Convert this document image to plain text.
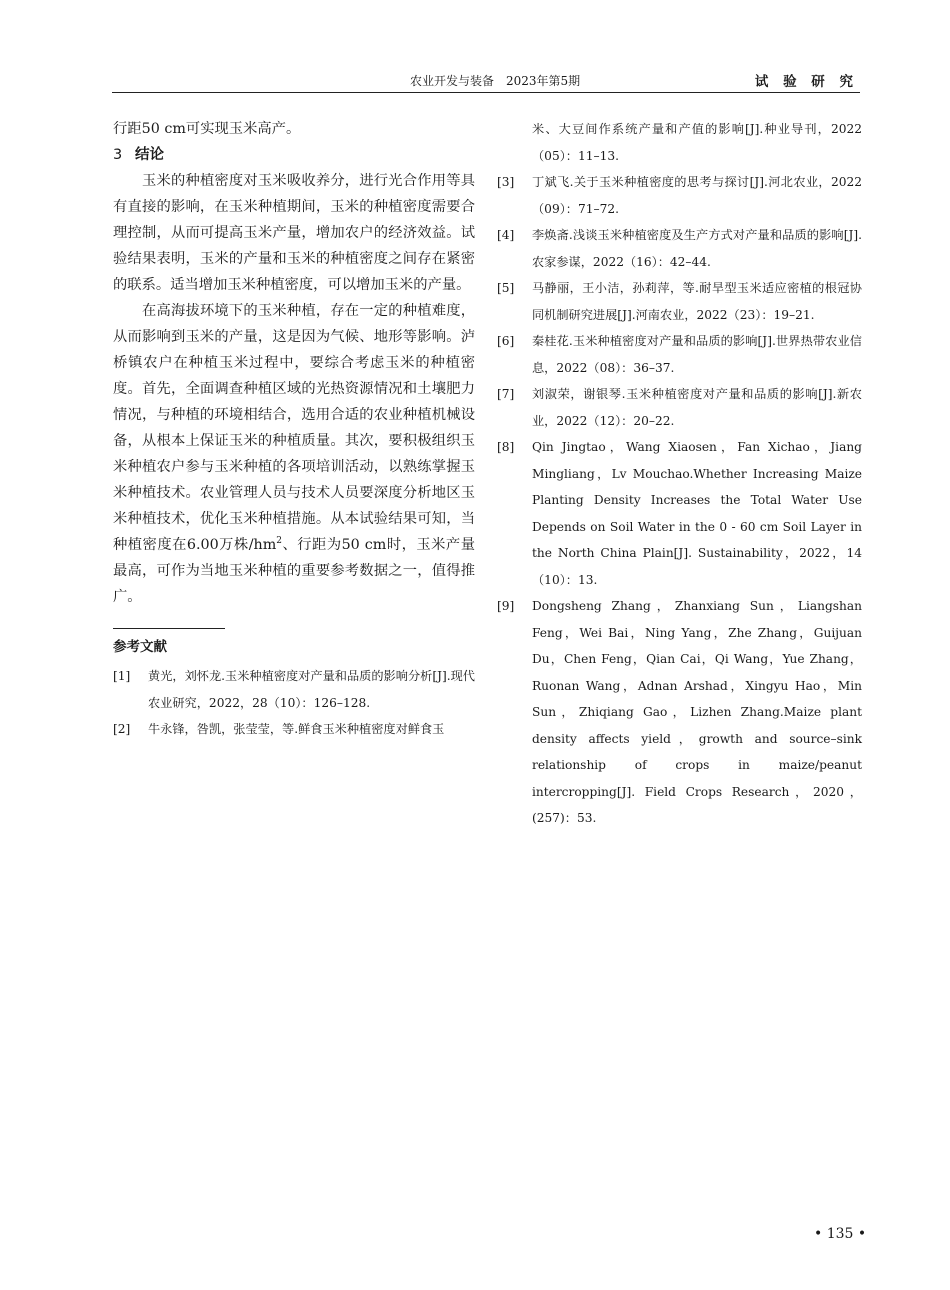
农业开发与装备　2023年第5期	试 验 研 究

行距50 cm可实现玉米高产。

3 结论

玉米的种植密度对玉米吸收养分，进行光合作用等具有直接的影响，在玉米种植期间，玉米的种植密度需要合理控制，从而可提高玉米产量，增加农户的经济效益。试验结果表明，玉米的产量和玉米的种植密度之间存在紧密的联系。适当增加玉米种植密度，可以增加玉米的产量。

在高海拔环境下的玉米种植，存在一定的种植难度，从而影响到玉米的产量，这是因为气候、地形等影响。泸桥镇农户在种植玉米过程中，要综合考虑玉米的种植密度。首先，全面调查种植区域的光热资源情况和土壤肥力情况，与种植的环境相结合，选用合适的农业种植机械设备，从根本上保证玉米的种植质量。其次，要积极组织玉米种植农户参与玉米种植的各项培训活动，以熟练掌握玉米种植技术。农业管理人员与技术人员要深度分析地区玉米种植技术，优化玉米种植措施。从本试验结果可知，当种植密度在6.00万株$/hm^2$、行距为50 cm时，玉米产量最高，可作为当地玉米种植的重要参考数据之一，值得推广。

参考文献
[1]	黄光，刘怀龙.玉米种植密度对产量和品质的影响分析[J].现代农业研究，2022，28（10）：126–128.
[2]	牛永锋，咎凯，张莹莹，等.鲜食玉米种植密度对鲜食玉
米、大豆间作系统产量和产值的影响[J].种业导刊，2022（05）：11–13.
[3]	丁斌飞.关于玉米种植密度的思考与探讨[J].河北农业，2022（09）：71–72.
[4]	李焕斋.浅谈玉米种植密度及生产方式对产量和品质的影响[J].农家参谋，2022（16）：42–44.
[5]	马静丽，王小洁，孙莉萍，等.耐旱型玉米适应密植的根冠协同机制研究进展[J].河南农业，2022（23）：19–21.
[6]	秦桂花.玉米种植密度对产量和品质的影响[J].世界热带农业信息，2022（08）：36–37.
[7]	刘淑荣，谢银琴.玉米种植密度对产量和品质的影响[J].新农业，2022（12）：20–22.
[8]	Qin Jingtao，Wang Xiaosen，Fan Xichao，Jiang Mingliang，Lv Mouchao.Whether Increasing Maize Planting Density Increases the Total Water Use Depends on Soil Water in the 0 - 60 cm Soil Layer in the North China Plain[J]. Sustainability，2022，14（10）：13.
[9]	Dongsheng Zhang，Zhanxiang Sun，Liangshan Feng，Wei Bai，Ning Yang，Zhe Zhang，Guijuan Du，Chen Feng，Qian Cai，Qi Wang，Yue Zhang，Ruonan Wang，Adnan Arshad，Xingyu Hao，Min Sun，Zhiqiang Gao，Lizhen Zhang.Maize plant density affects yield，growth and source–sink relationship of crops in maize/peanut intercropping[J]. Field Crops Research，2020，(257)：53.
• 135 •
